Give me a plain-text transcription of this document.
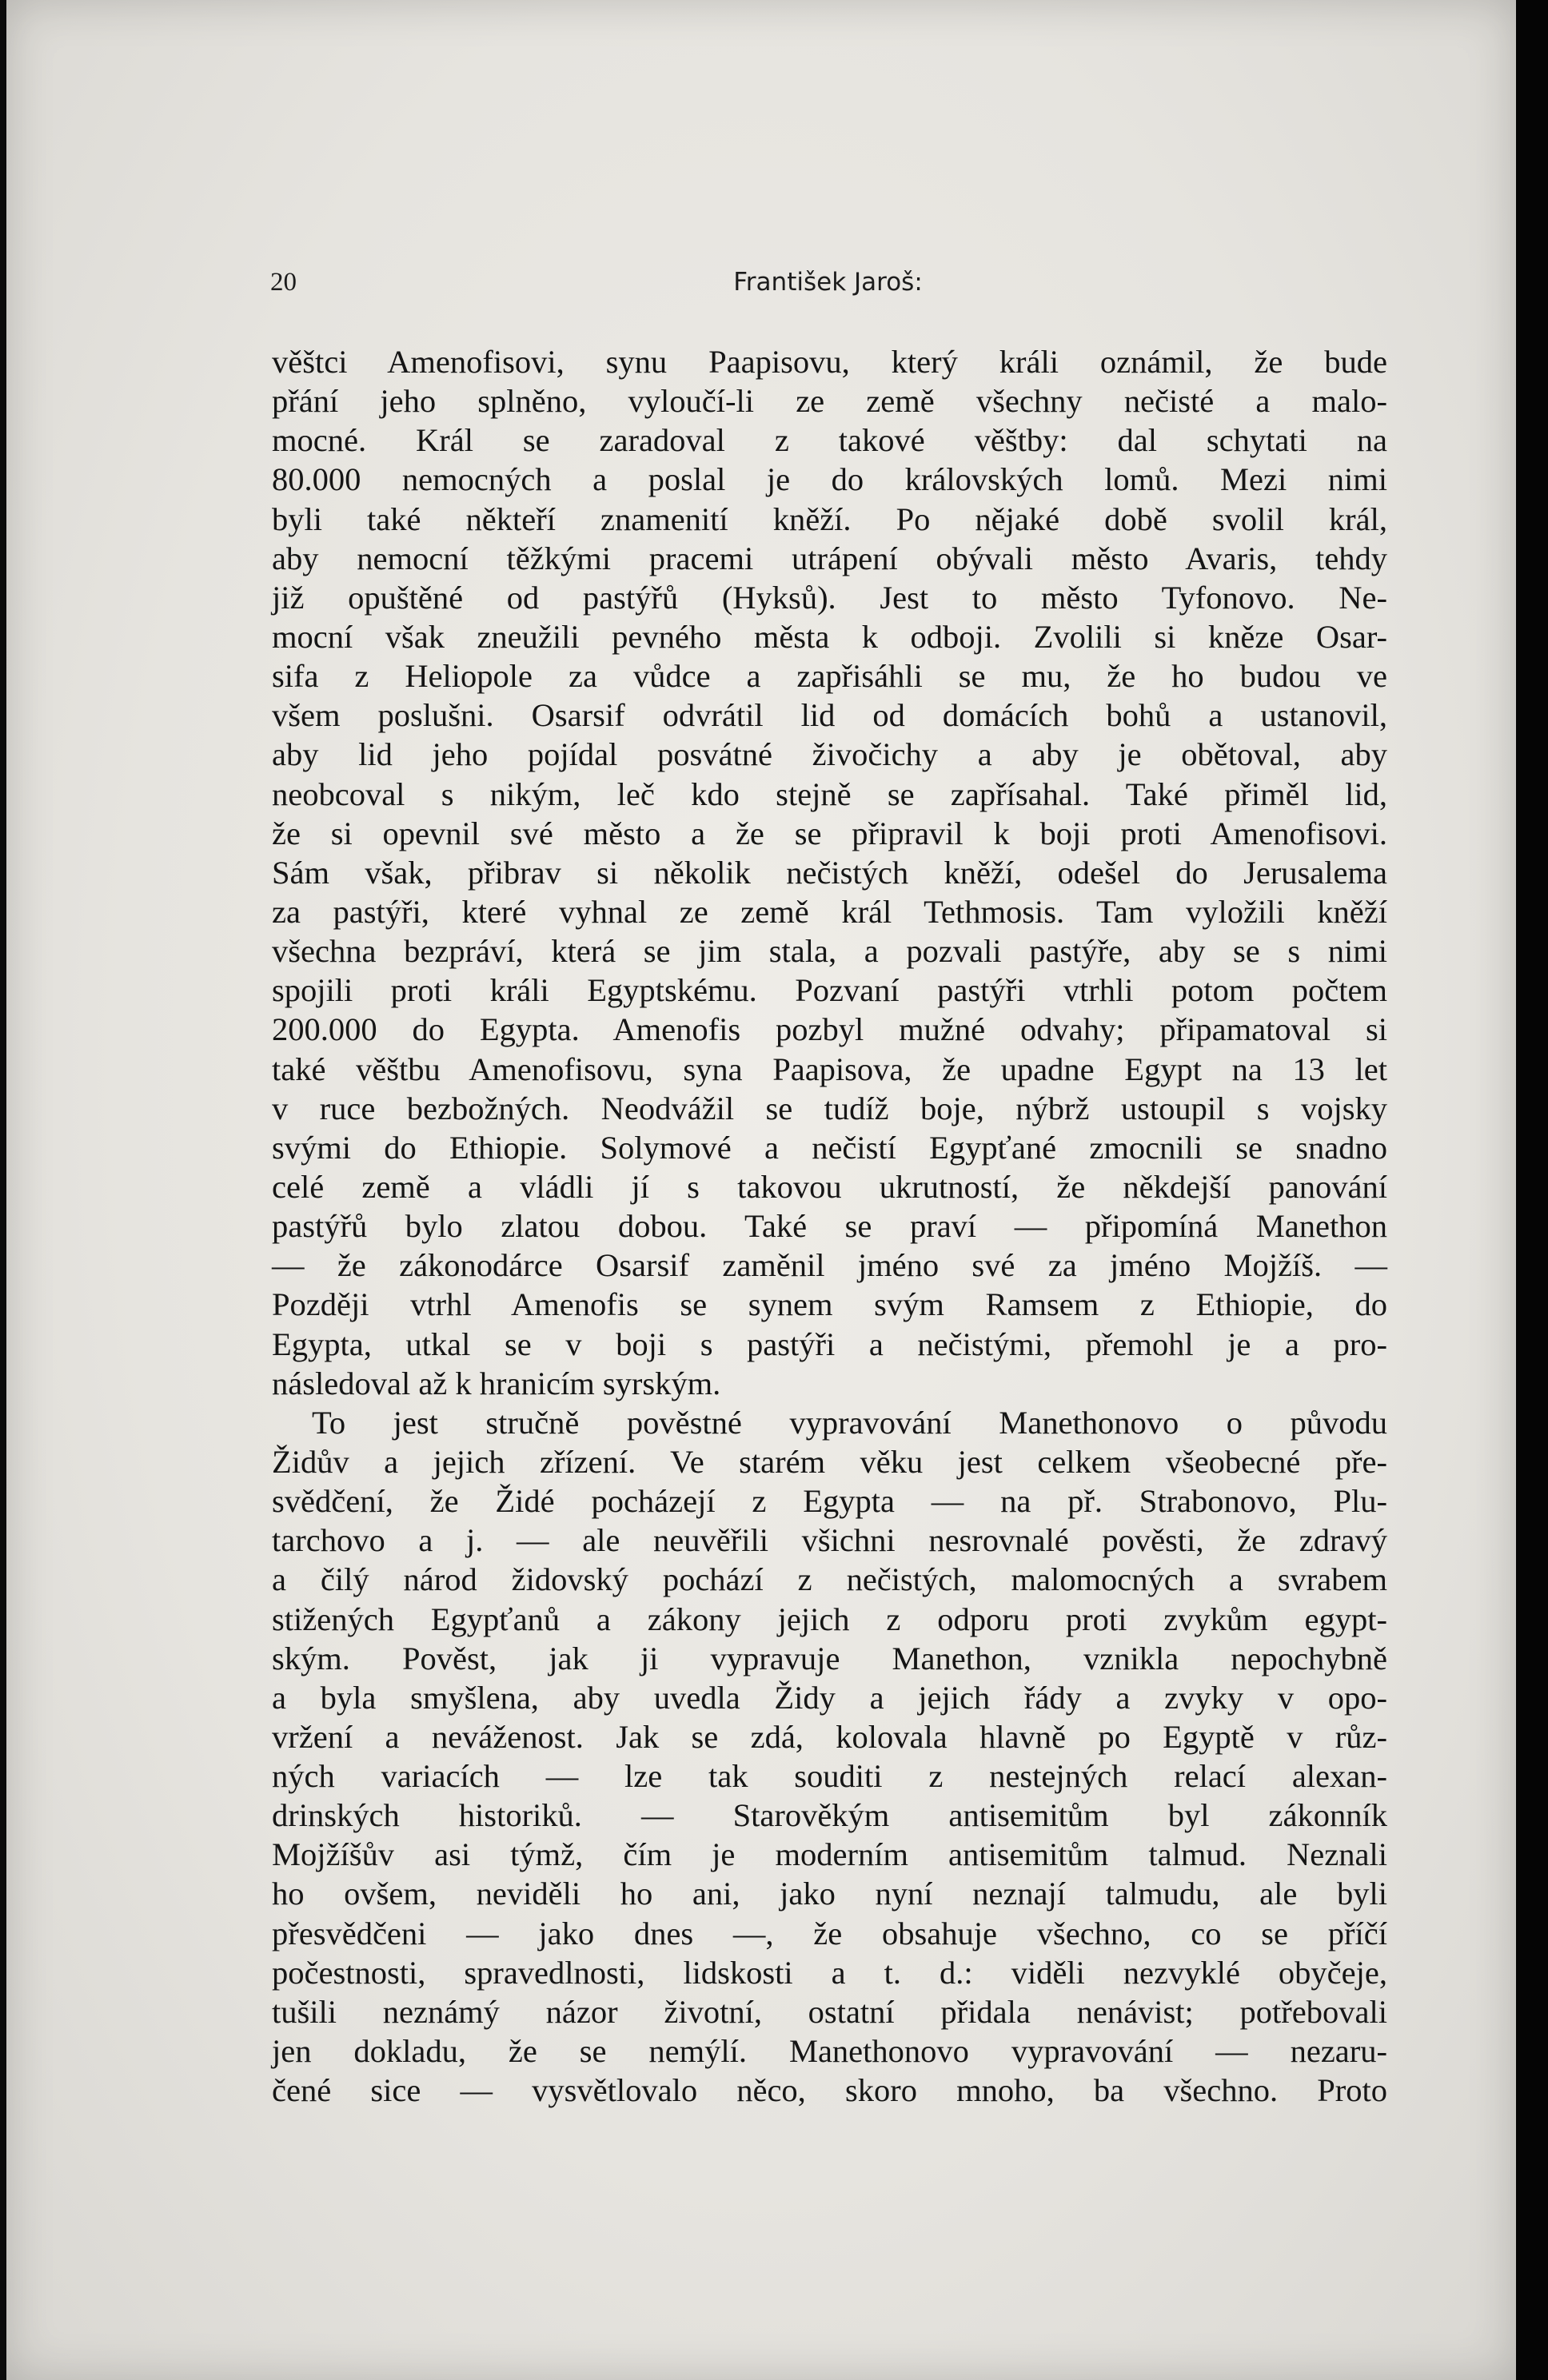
20	František Jaroš:
věštci Amenofisovi, synu Paapisovu, který králi oznámil, že bude
přání jeho splněno, vyloučí-li ze země všechny nečisté a malo-
mocné. Král se zaradoval z takové věštby: dal schytati na
80.000 nemocných a poslal je do královských lomů. Mezi nimi
byli také někteří znamenití kněží. Po nějaké době svolil král,
aby nemocní těžkými pracemi utrápení obývali město Avaris, tehdy
již opuštěné od pastýřů (Hyksů). Jest to město Tyfonovo. Ne-
mocní však zneužili pevného města k odboji. Zvolili si kněze Osar-
sifa z Heliopole za vůdce a zapřisáhli se mu, že ho budou ve
všem poslušni. Osarsif odvrátil lid od domácích bohů a ustanovil,
aby lid jeho pojídal posvátné živočichy a aby je obětoval, aby
neobcoval s nikým, leč kdo stejně se zapřísahal. Také přiměl lid,
že si opevnil své město a že se připravil k boji proti Amenofisovi.
Sám však, přibrav si několik nečistých kněží, odešel do Jerusalema
za pastýři, které vyhnal ze země král Tethmosis. Tam vyložili kněží
všechna bezpráví, která se jim stala, a pozvali pastýře, aby se s nimi
spojili proti králi Egyptskému. Pozvaní pastýři vtrhli potom počtem
200.000 do Egypta. Amenofis pozbyl mužné odvahy; připamatoval si
také věštbu Amenofisovu, syna Paapisova, že upadne Egypt na 13 let
v ruce bezbožných. Neodvážil se tudíž boje, nýbrž ustoupil s vojsky
svými do Ethiopie. Solymové a nečistí Egypťané zmocnili se snadno
celé země a vládli jí s takovou ukrutností, že někdejší panování
pastýřů bylo zlatou dobou. Také se praví — připomíná Manethon
— že zákonodárce Osarsif zaměnil jméno své za jméno Mojžíš. —
Později vtrhl Amenofis se synem svým Ramsem z Ethiopie, do
Egypta, utkal se v boji s pastýři a nečistými, přemohl je a pro-
následoval až k hranicím syrským.
To jest stručně pověstné vypravování Manethonovo o původu
Židův a jejich zřízení. Ve starém věku jest celkem všeobecné pře-
svědčení, že Židé pocházejí z Egypta — na př. Strabonovo, Plu-
tarchovo a j. — ale neuvěřili všichni nesrovnalé pověsti, že zdravý
a čilý národ židovský pochází z nečistých, malomocných a svrabem
stižených Egypťanů a zákony jejich z odporu proti zvykům egypt-
ským. Pověst, jak ji vypravuje Manethon, vznikla nepochybně
a byla smyšlena, aby uvedla Židy a jejich řády a zvyky v opo-
vržení a neváženost. Jak se zdá, kolovala hlavně po Egyptě v růz-
ných variacích — lze tak souditi z nestejných relací alexan-
drinských historiků. — Starověkým antisemitům byl zákonník
Mojžíšův asi týmž, čím je moderním antisemitům talmud. Neznali
ho ovšem, neviděli ho ani, jako nyní neznají talmudu, ale byli
přesvědčeni — jako dnes —, že obsahuje všechno, co se příčí
počestnosti, spravedlnosti, lidskosti a t. d.: viděli nezvyklé obyčeje,
tušili neznámý názor životní, ostatní přidala nenávist; potřebovali
jen dokladu, že se nemýlí. Manethonovo vypravování — nezaru-
čené sice — vysvětlovalo něco, skoro mnoho, ba všechno. Proto
